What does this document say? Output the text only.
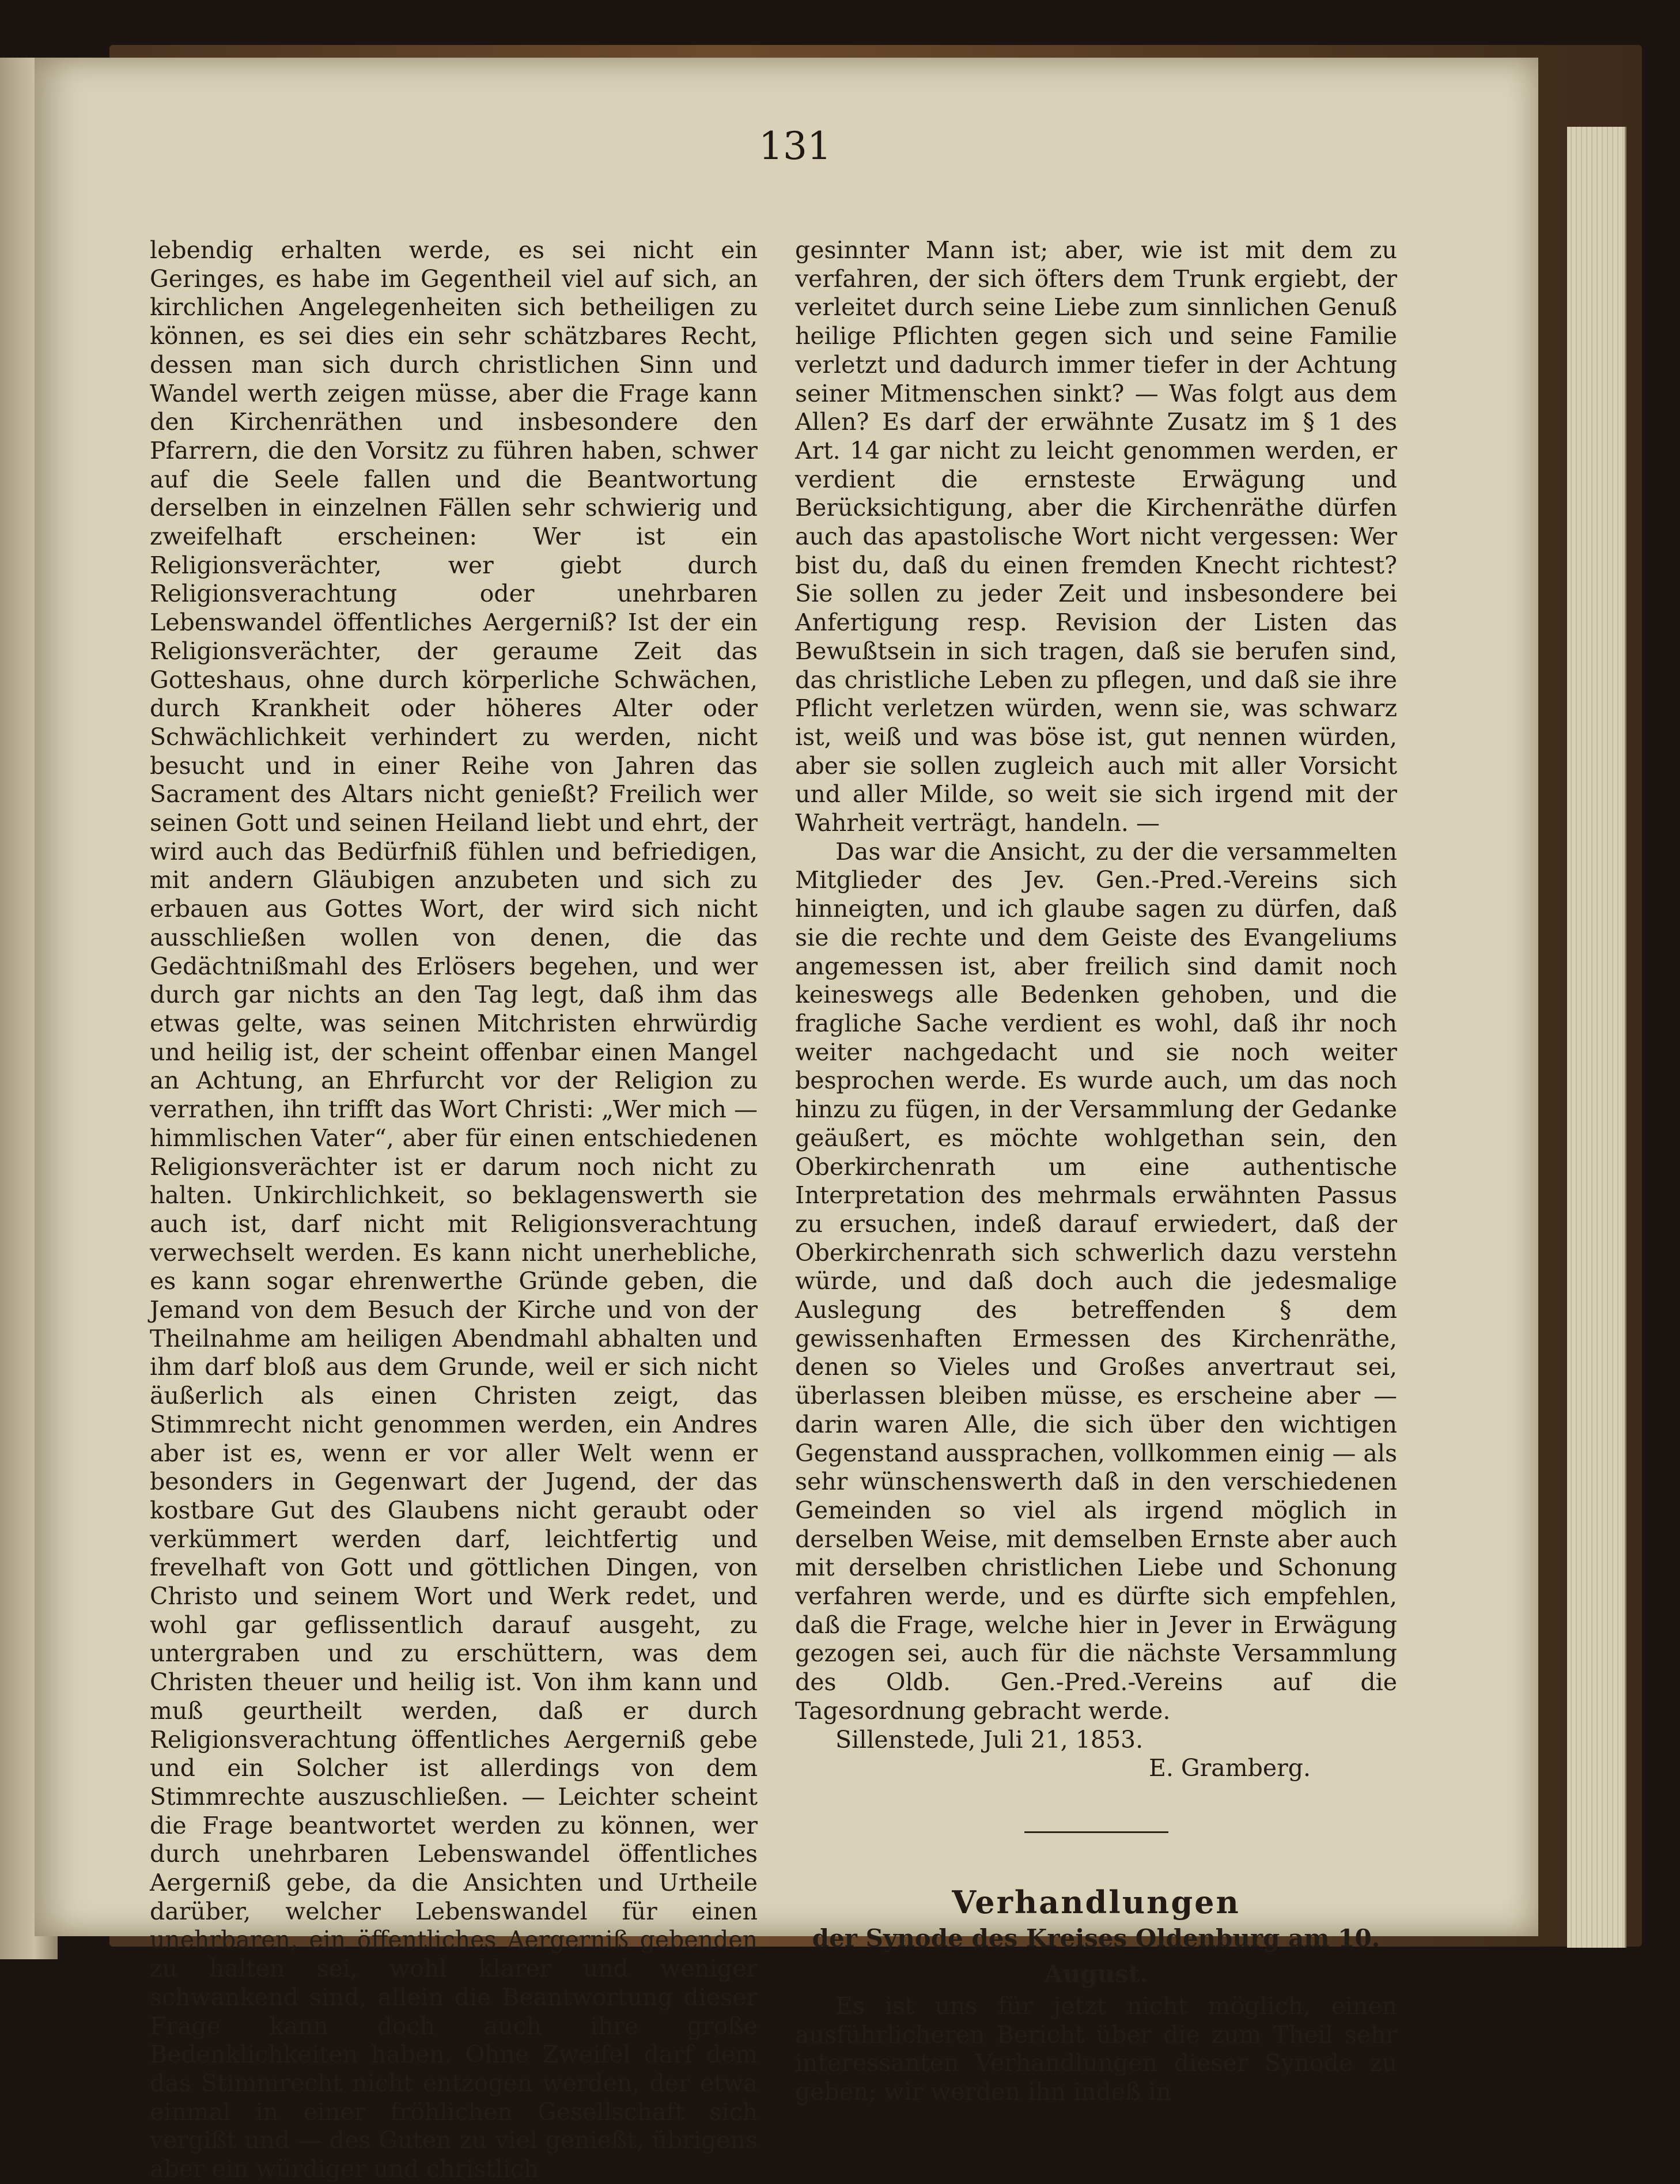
131

lebendig erhalten werde, es sei nicht ein Geringes, es habe im Gegentheil viel auf sich, an kirchlichen Angelegenheiten sich betheiligen zu können, es sei dies ein sehr schätzbares Recht, dessen man sich durch christlichen Sinn und Wandel werth zeigen müsse, aber die Frage kann den Kirchenräthen und insbesondere den Pfarrern, die den Vorsitz zu führen haben, schwer auf die Seele fallen und die Beantwortung derselben in einzelnen Fällen sehr schwierig und zweifelhaft erscheinen: Wer ist ein Religionsverächter, wer giebt durch Religionsverachtung oder unehrbaren Lebenswandel öffentliches Aergerniß? Ist der ein Religionsverächter, der geraume Zeit das Gotteshaus, ohne durch körperliche Schwächen, durch Krankheit oder höheres Alter oder Schwächlichkeit verhindert zu werden, nicht besucht und in einer Reihe von Jahren das Sacrament des Altars nicht genießt? Freilich wer seinen Gott und seinen Heiland liebt und ehrt, der wird auch das Bedürfniß fühlen und befriedigen, mit andern Gläubigen anzubeten und sich zu erbauen aus Gottes Wort, der wird sich nicht ausschließen wollen von denen, die das Gedächtnißmahl des Erlösers begehen, und wer durch gar nichts an den Tag legt, daß ihm das etwas gelte, was seinen Mitchristen ehrwürdig und heilig ist, der scheint offenbar einen Mangel an Achtung, an Ehrfurcht vor der Religion zu verrathen, ihn trifft das Wort Christi: „Wer mich — himmlischen Vater“, aber für einen entschiedenen Religionsverächter ist er darum noch nicht zu halten. Unkirchlichkeit, so beklagenswerth sie auch ist, darf nicht mit Religionsverachtung verwechselt werden. Es kann nicht unerhebliche, es kann sogar ehrenwerthe Gründe geben, die Jemand von dem Besuch der Kirche und von der Theilnahme am heiligen Abendmahl abhalten und ihm darf bloß aus dem Grunde, weil er sich nicht äußerlich als einen Christen zeigt, das Stimmrecht nicht genommen werden, ein Andres aber ist es, wenn er vor aller Welt wenn er besonders in Gegenwart der Jugend, der das kostbare Gut des Glaubens nicht geraubt oder verkümmert werden darf, leichtfertig und frevelhaft von Gott und göttlichen Dingen, von Christo und seinem Wort und Werk redet, und wohl gar geflissentlich darauf ausgeht, zu untergraben und zu erschüttern, was dem Christen theuer und heilig ist. Von ihm kann und muß geurtheilt werden, daß er durch Religionsverachtung öffentliches Aergerniß gebe und ein Solcher ist allerdings von dem Stimmrechte auszuschließen. — Leichter scheint die Frage beantwortet werden zu können, wer durch unehrbaren Lebenswandel öffentliches Aergerniß gebe, da die Ansichten und Urtheile darüber, welcher Lebenswandel für einen unehrbaren, ein öffentliches Aergerniß gebenden zu halten sei, wohl klarer und weniger schwankend sind, allein die Beantwortung dieser Frage kann doch auch ihre große Bedenklichkeiten haben. Ohne Zweifel darf dem das Stimmrecht nicht entzogen werden, der etwa einmal in einer fröhlichen Gesellschaft sich vergißt und — des Guten zu viel genießt, übrigens aber ein würdiger und christlich

gesinnter Mann ist; aber, wie ist mit dem zu verfahren, der sich öfters dem Trunk ergiebt, der verleitet durch seine Liebe zum sinnlichen Genuß heilige Pflichten gegen sich und seine Familie verletzt und dadurch immer tiefer in der Achtung seiner Mitmenschen sinkt? — Was folgt aus dem Allen? Es darf der erwähnte Zusatz im § 1 des Art. 14 gar nicht zu leicht genommen werden, er verdient die ernsteste Erwägung und Berücksichtigung, aber die Kirchenräthe dürfen auch das apastolische Wort nicht vergessen: Wer bist du, daß du einen fremden Knecht richtest? Sie sollen zu jeder Zeit und insbesondere bei Anfertigung resp. Revision der Listen das Bewußtsein in sich tragen, daß sie berufen sind, das christliche Leben zu pflegen, und daß sie ihre Pflicht verletzen würden, wenn sie, was schwarz ist, weiß und was böse ist, gut nennen würden, aber sie sollen zugleich auch mit aller Vorsicht und aller Milde, so weit sie sich irgend mit der Wahrheit verträgt, handeln. —

Das war die Ansicht, zu der die versammelten Mitglieder des Jev. Gen.-Pred.-Vereins sich hinneigten, und ich glaube sagen zu dürfen, daß sie die rechte und dem Geiste des Evangeliums angemessen ist, aber freilich sind damit noch keineswegs alle Bedenken gehoben, und die fragliche Sache verdient es wohl, daß ihr noch weiter nachgedacht und sie noch weiter besprochen werde. Es wurde auch, um das noch hinzu zu fügen, in der Versammlung der Gedanke geäußert, es möchte wohlgethan sein, den Oberkirchenrath um eine authentische Interpretation des mehrmals erwähnten Passus zu ersuchen, indeß darauf erwiedert, daß der Oberkirchenrath sich schwerlich dazu verstehn würde, und daß doch auch die jedesmalige Auslegung des betreffenden § dem gewissenhaften Ermessen des Kirchenräthe, denen so Vieles und Großes anvertraut sei, überlassen bleiben müsse, es erscheine aber — darin waren Alle, die sich über den wichtigen Gegenstand aussprachen, vollkommen einig — als sehr wünschenswerth daß in den verschiedenen Gemeinden so viel als irgend möglich in derselben Weise, mit demselben Ernste aber auch mit derselben christlichen Liebe und Schonung verfahren werde, und es dürfte sich empfehlen, daß die Frage, welche hier in Jever in Erwägung gezogen sei, auch für die nächste Versammlung des Oldb. Gen.-Pred.-Vereins auf die Tagesordnung gebracht werde.

Sillenstede, Juli 21, 1853.

E. Gramberg.

Verhandlungen

der Synode des Kreises Oldenburg am 10. August.

Es ist uns für jetzt nicht möglich, einen ausführlicheren Bericht über die zum Theil sehr interessanten Verhandlungen dieser Synode zu geben; wir werden ihn indeß in
